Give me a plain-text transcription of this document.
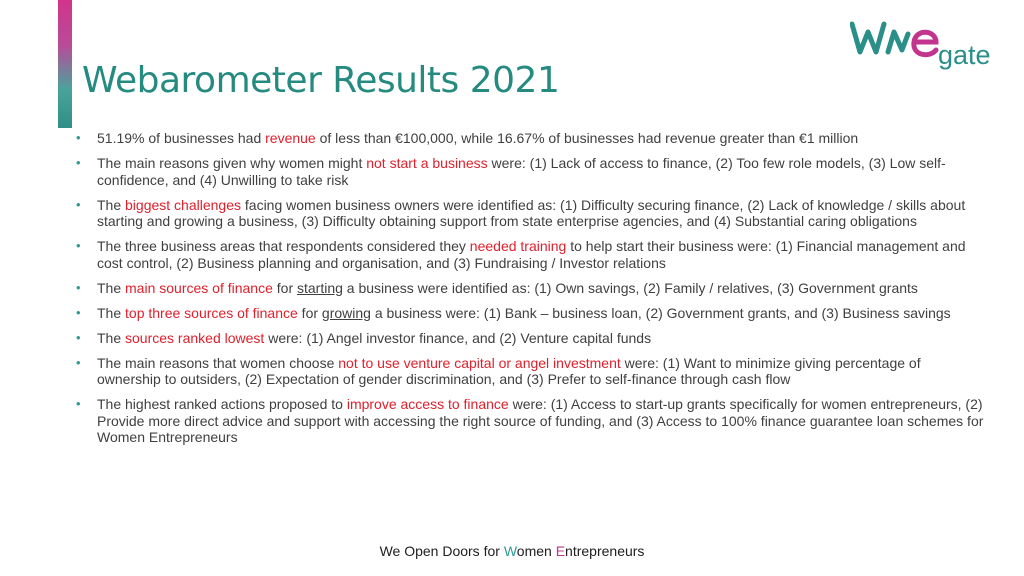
gate
Webarometer Results 2021
• 51.19% of businesses had revenue of less than €100,000, while 16.67% of businesses had revenue greater than €1 million
• The main reasons given why women might not start a business were: (1) Lack of access to finance, (2) Too few role models, (3) Low self-confidence, and (4) Unwilling to take risk
• The biggest challenges facing women business owners were identified as: (1) Difficulty securing finance, (2) Lack of knowledge / skills about starting and growing a business, (3) Difficulty obtaining support from state enterprise agencies, and (4) Substantial caring obligations
• The three business areas that respondents considered they needed training to help start their business were: (1) Financial management and cost control, (2) Business planning and organisation, and (3) Fundraising / Investor relations
• The main sources of finance for starting a business were identified as: (1) Own savings, (2) Family / relatives, (3) Government grants
• The top three sources of finance for growing a business were: (1) Bank – business loan, (2) Government grants, and (3) Business savings
• The sources ranked lowest were: (1) Angel investor finance, and (2) Venture capital funds
• The main reasons that women choose not to use venture capital or angel investment were: (1) Want to minimize giving percentage of ownership to outsiders, (2) Expectation of gender discrimination, and (3) Prefer to self-finance through cash flow
• The highest ranked actions proposed to improve access to finance were: (1) Access to start-up grants specifically for women entrepreneurs, (2) Provide more direct advice and support with accessing the right source of funding, and (3) Access to 100% finance guarantee loan schemes for Women Entrepreneurs
We Open Doors for Women Entrepreneurs
